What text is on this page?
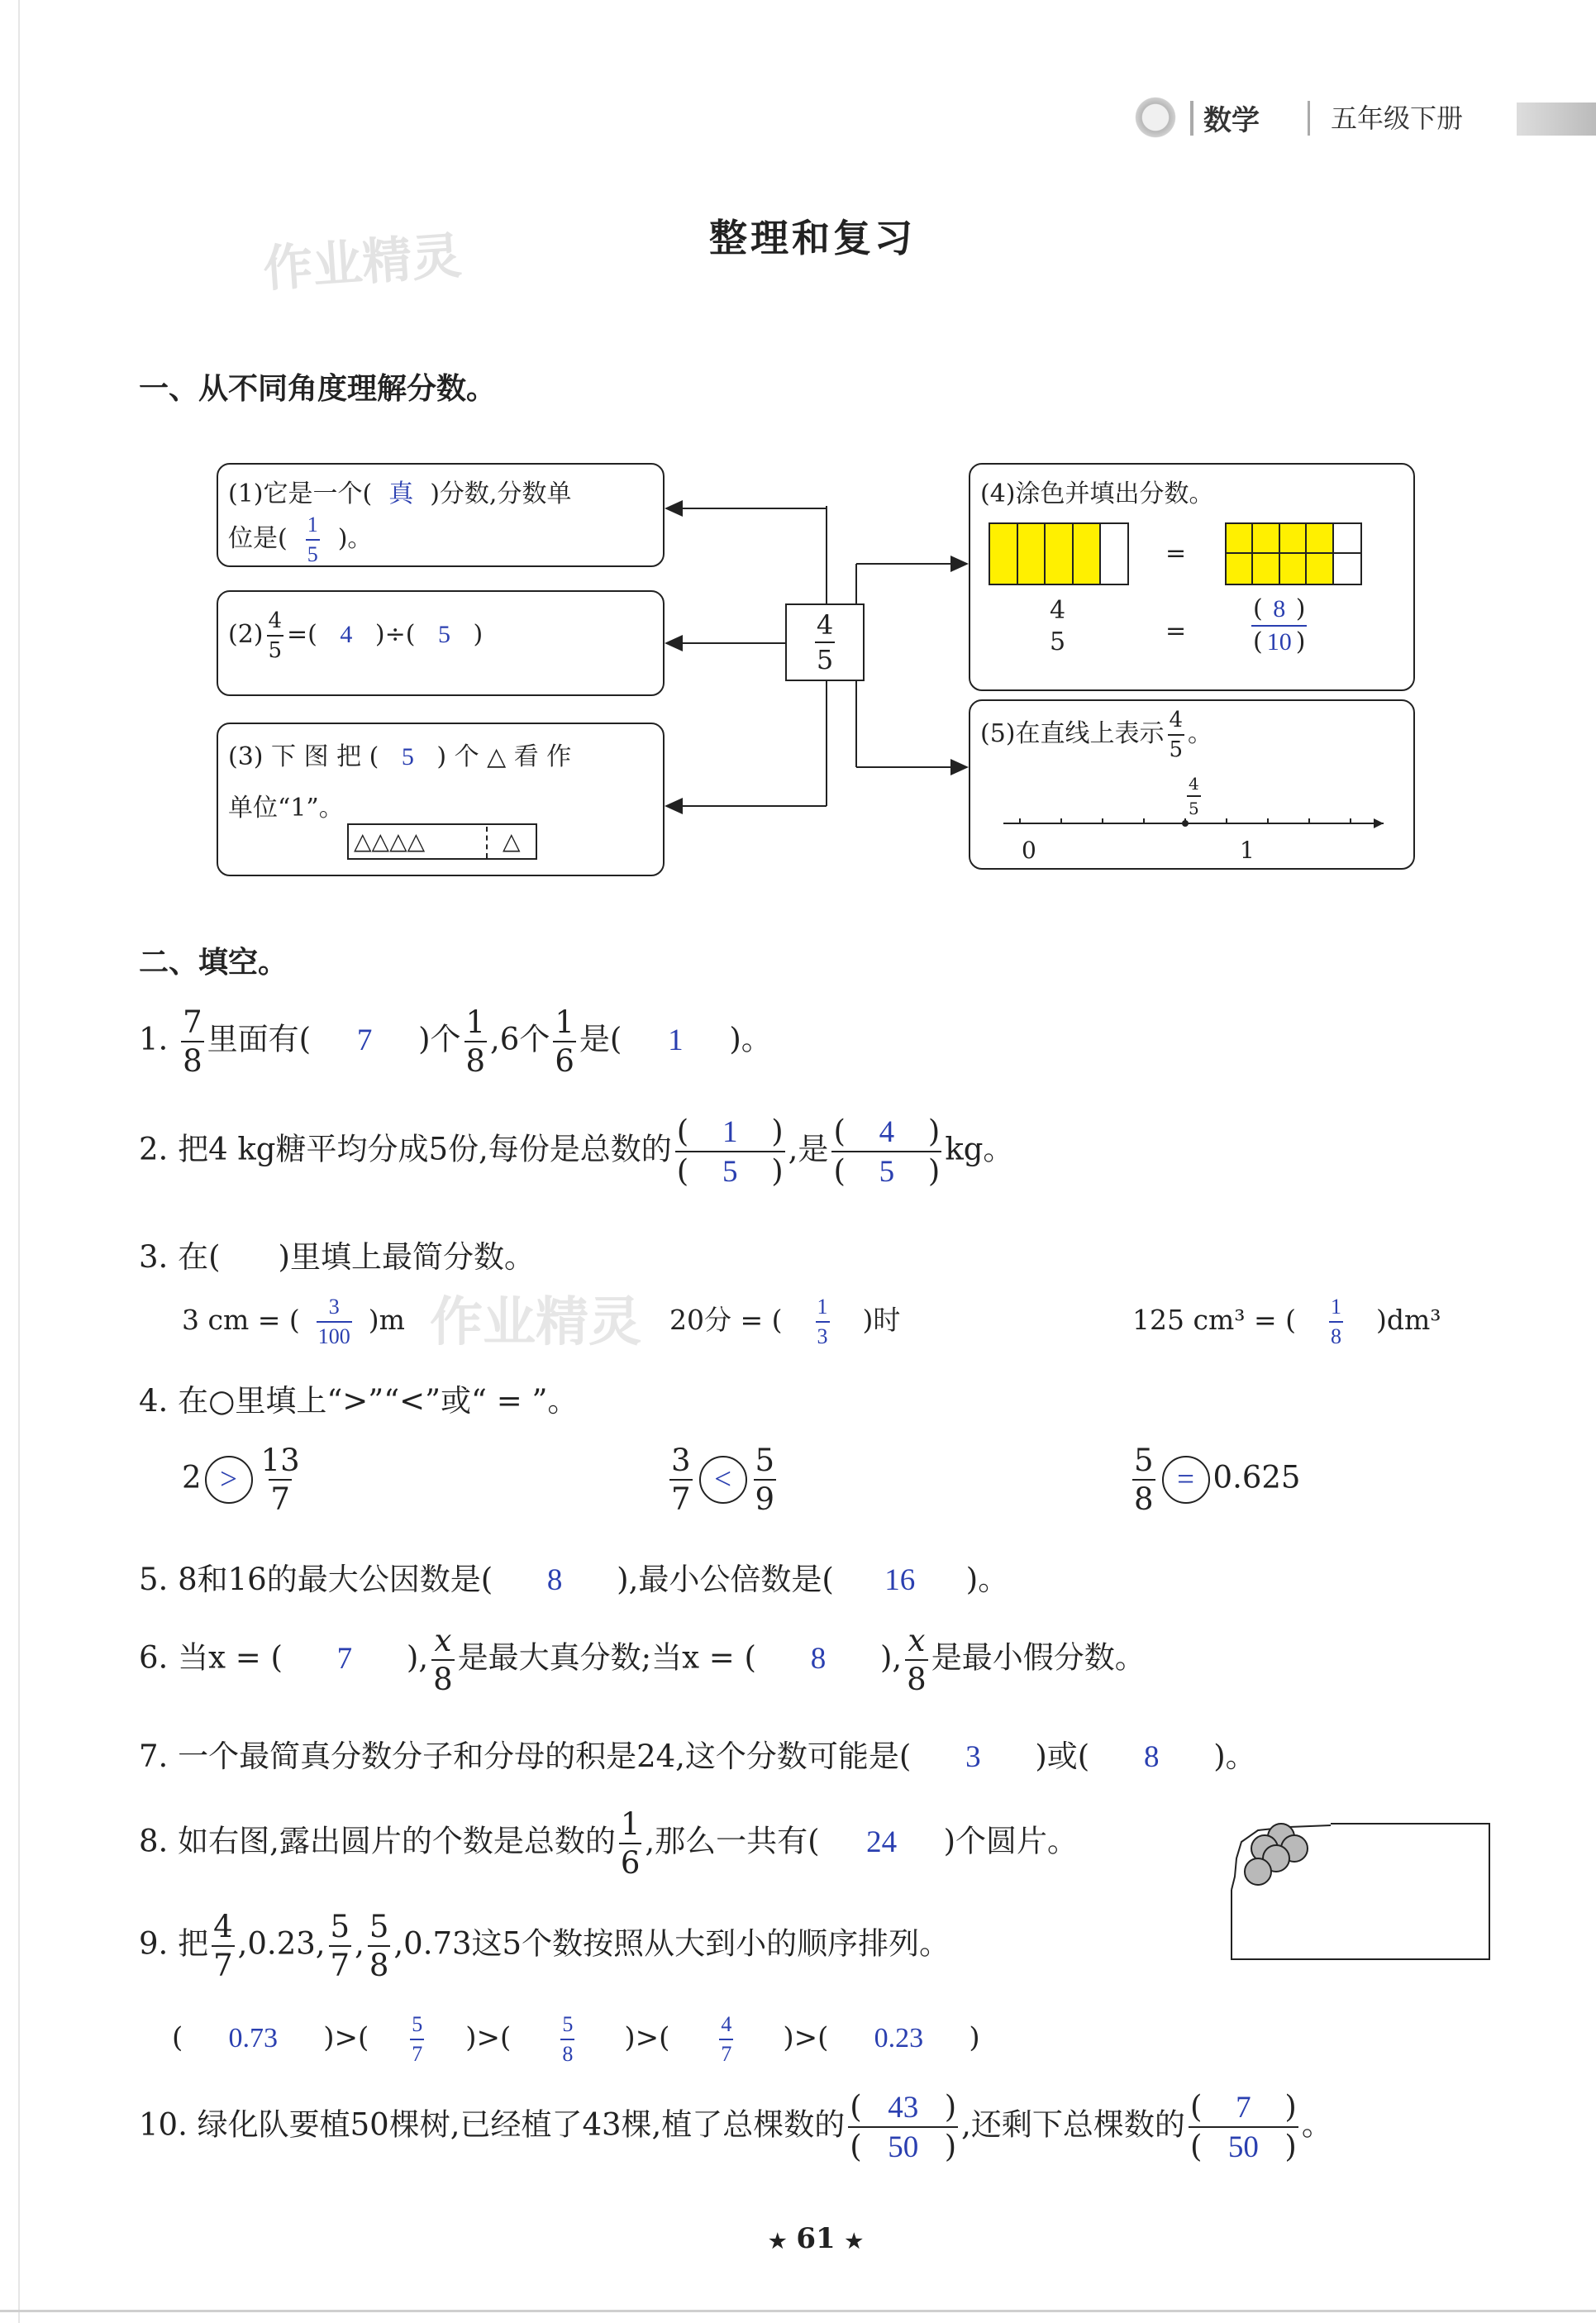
数学	五年级下册
整理和复习
作业精灵
一、从不同角度理解分数。
$\frac{4}{5}$
(1)它是一个( 真 )分数,分数单
位是( $\frac{1}{5}$ )。
$(2) \frac{4}{5}$ =( 4 )÷( 5 )
(3) 下 图 把 ( 5 ) 个 △ 看 作
单位“1”。
△△△△	△
(4)涂色并填出分数。
=
4
5	=	$\frac{( 8 )}{( 10 )}$
(5)在直线上表示 $\frac{4}{5}$ 。
0	1
$\frac{4}{5}$
二、填空。
1. $\frac{7}{8}$ 里面有( 7 )个 $\frac{1}{8} ,6$个 $\frac{1}{6}$ 是( 1 )。
2. 把4 kg糖平均分成5份,每份是总数的 $\frac{( 1 )}{( 5 )}$ ,是 $\frac{( 4 )}{( 5 )}$ kg。
3. 在( )里填上最简分数。
3 cm = ( $\frac{3}{100} )m$ 作业精灵 20分 = ( $\frac{1}{3}$ )时	125 cm³ = ( $\frac{1}{8} )dm^3$
4. 在○里填上“>”“<”或“ = ”。
$2 > \frac{13}{7}$	$\frac{3}{7} < \frac{5}{9}$	$\frac{5}{8} = 0.625$
5. 8和16的最大公因数是( 8 ),最小公倍数是( 16 )。
6. 当x = ( 7 ), $\frac{x}{8}$ 是最大真分数;当x = ( 8 ), $\frac{x}{8}$ 是最小假分数。
7. 一个最简真分数分子和分母的积是24,这个分数可能是( 3 )或( 8 )。
8. 如右图,露出圆片的个数是总数的 $\frac{1}{6}$ ,那么一共有( 24 )个圆片。
9. 把 $\frac{4}{7} ,0.23$, $\frac{5}{7}$ , $\frac{5}{8} ,0.73$这5个数按照从大到小的顺序排列。
( 0.73 )>( $\frac{5}{7}$ )>( $\frac{5}{8}$ )>( $\frac{4}{7}$ )>( 0.23 )
10. 绿化队要植50棵树,已经植了43棵,植了总棵数的 $\frac{( 43 )}{( 50 )}$ ,还剩下总棵数的 $\frac{( 7 )}{( 50 )}$ 。
★ 61 ★
